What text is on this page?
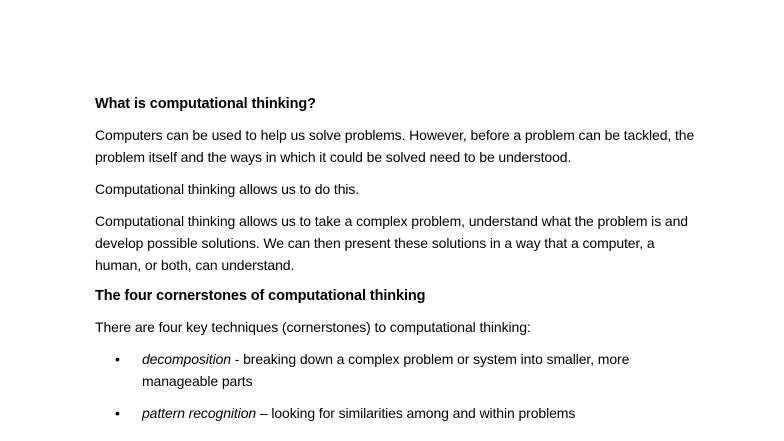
What is computational thinking?

Computers can be used to help us solve problems. However, before a problem can be tackled, the problem itself and the ways in which it could be solved need to be understood.

Computational thinking allows us to do this.

Computational thinking allows us to take a complex problem, understand what the problem is and develop possible solutions. We can then present these solutions in a way that a computer, a human, or both, can understand.

The four cornerstones of computational thinking

There are four key techniques (cornerstones) to computational thinking:

• decomposition - breaking down a complex problem or system into smaller, more manageable parts
• pattern recognition – looking for similarities among and within problems
